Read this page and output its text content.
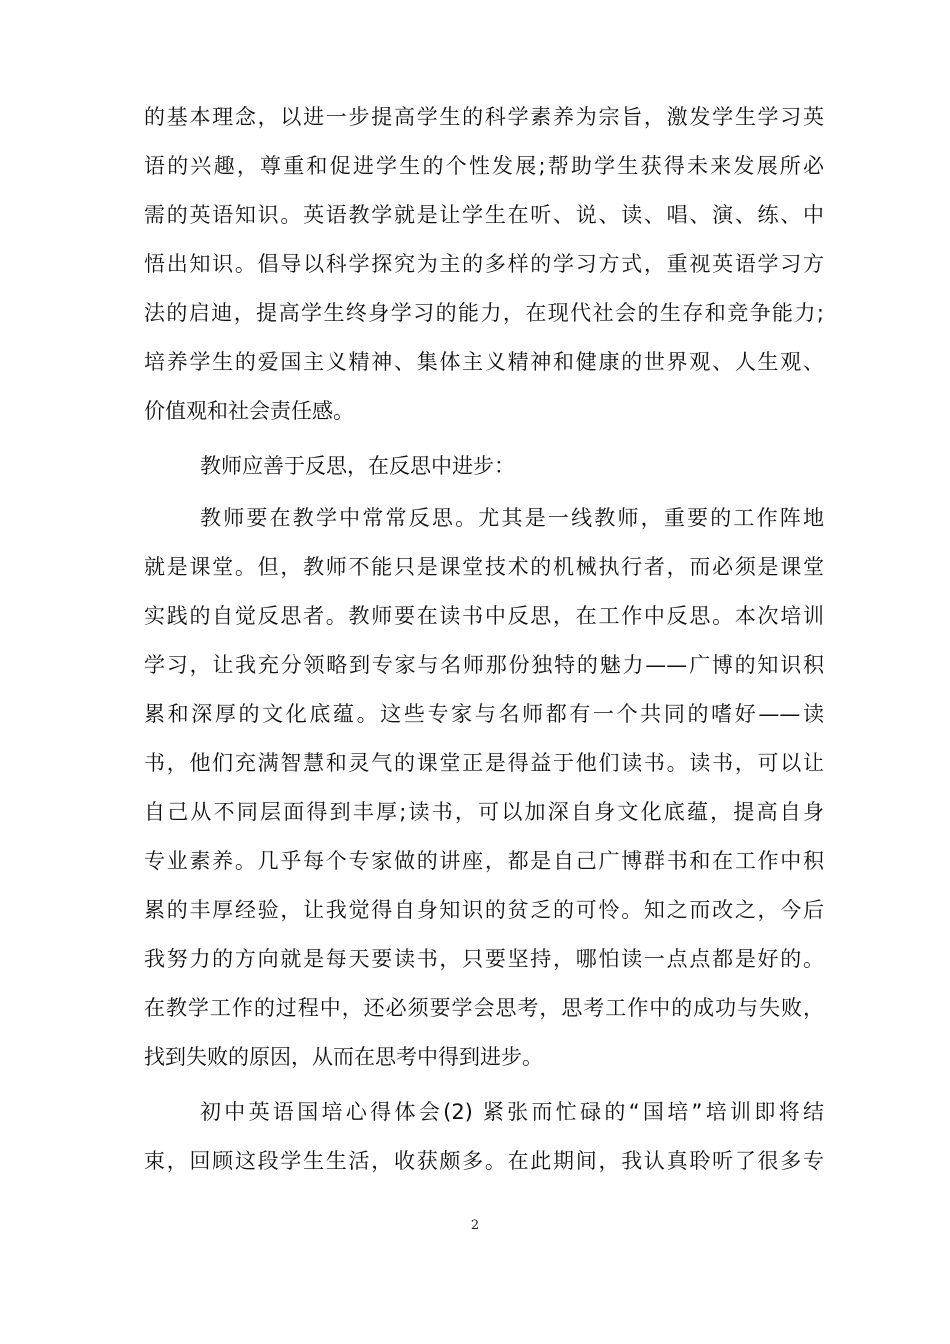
的基本理念，以进一步提高学生的科学素养为宗旨，激发学生学习英
语的兴趣，尊重和促进学生的个性发展;帮助学生获得未来发展所必
需的英语知识。英语教学就是让学生在听、说、读、唱、演、练、中
悟出知识。倡导以科学探究为主的多样的学习方式，重视英语学习方
法的启迪，提高学生终身学习的能力，在现代社会的生存和竞争能力;
培养学生的爱国主义精神、集体主义精神和健康的世界观、人生观、
价值观和社会责任感。
教师应善于反思，在反思中进步：
教师要在教学中常常反思。尤其是一线教师，重要的工作阵地
就是课堂。但，教师不能只是课堂技术的机械执行者，而必须是课堂
实践的自觉反思者。教师要在读书中反思，在工作中反思。本次培训
学习，让我充分领略到专家与名师那份独特的魅力——广博的知识积
累和深厚的文化底蕴。这些专家与名师都有一个共同的嗜好——读
书，他们充满智慧和灵气的课堂正是得益于他们读书。读书，可以让
自己从不同层面得到丰厚;读书，可以加深自身文化底蕴，提高自身
专业素养。几乎每个专家做的讲座，都是自己广博群书和在工作中积
累的丰厚经验，让我觉得自身知识的贫乏的可怜。知之而改之，今后
我努力的方向就是每天要读书，只要坚持，哪怕读一点点都是好的。
在教学工作的过程中，还必须要学会思考，思考工作中的成功与失败，
找到失败的原因，从而在思考中得到进步。
初中英语国培心得体会(2) 紧张而忙碌的“国培”培训即将结
束，回顾这段学生生活，收获颇多。在此期间，我认真聆听了很多专
2
